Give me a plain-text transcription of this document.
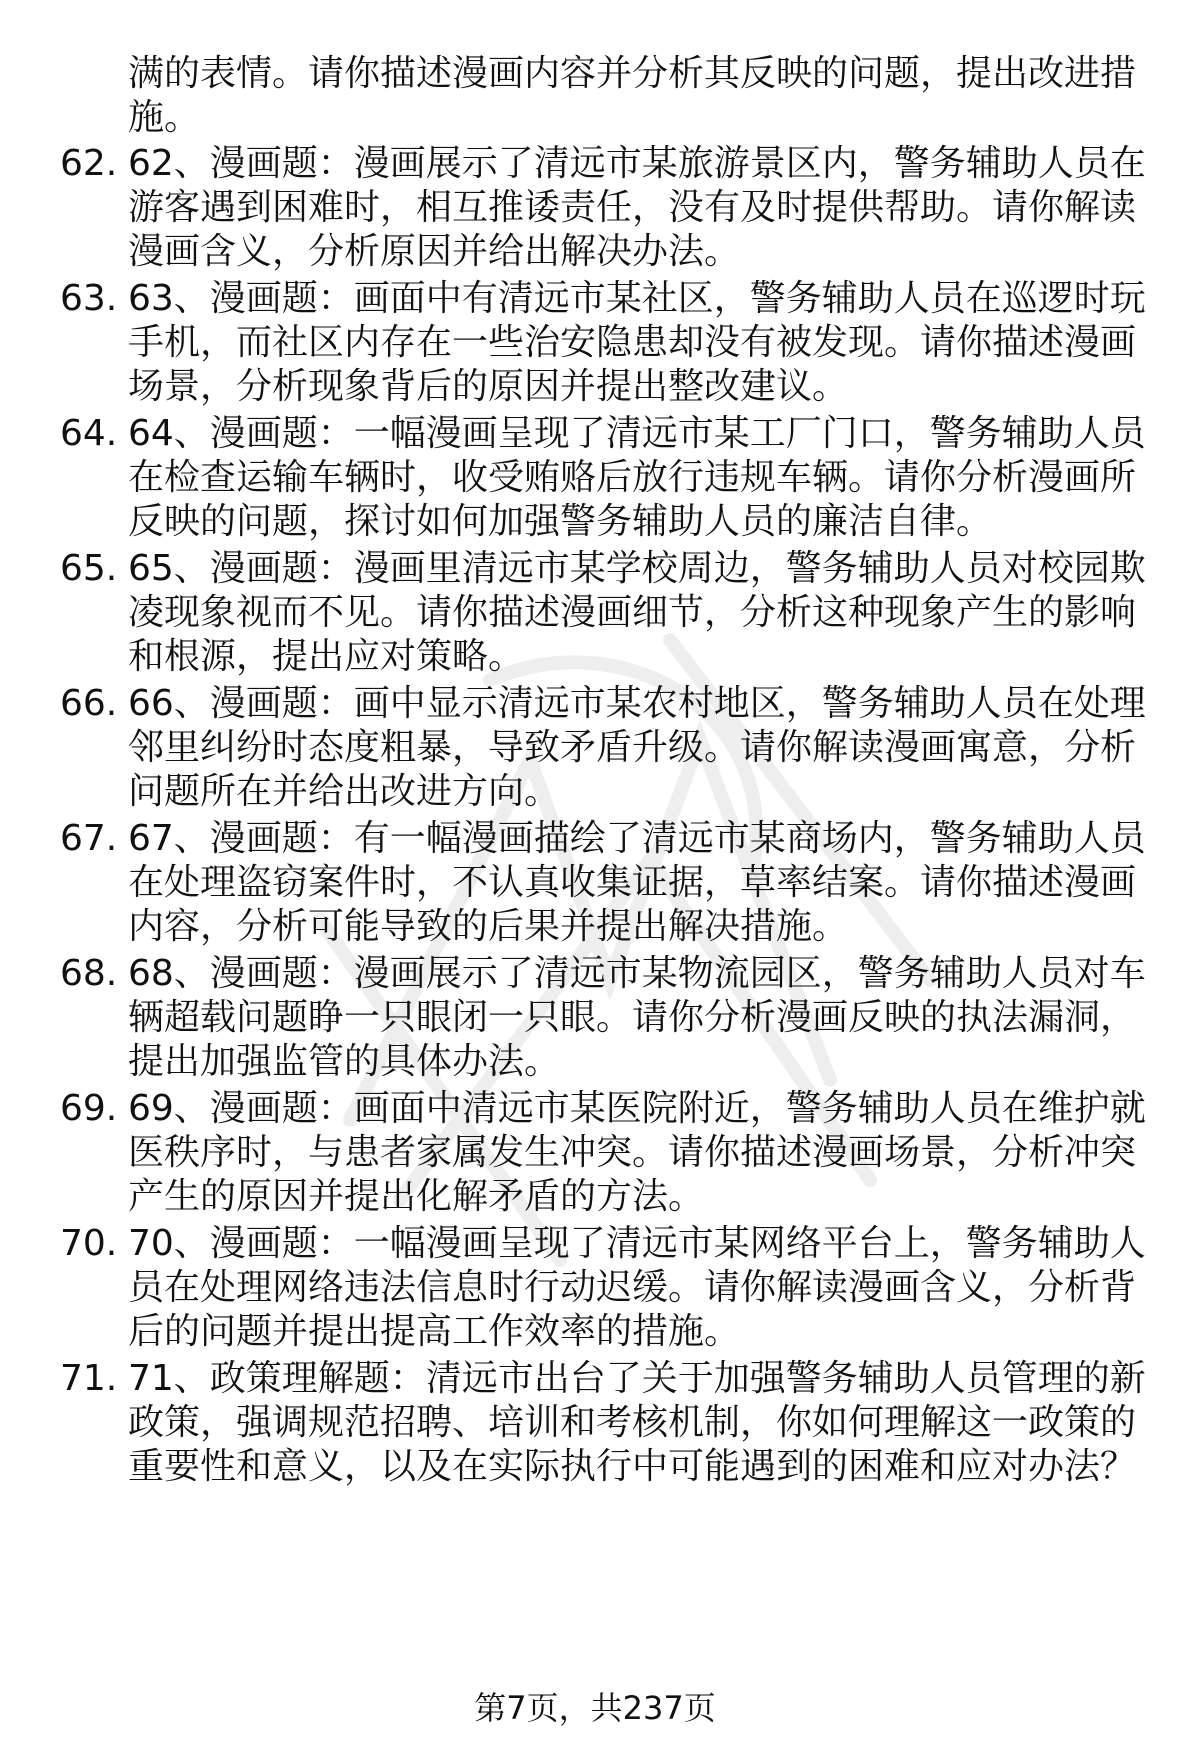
满的表情。请你描述漫画内容并分析其反映的问题，提出改进措施。

62. 62、漫画题：漫画展示了清远市某旅游景区内，警务辅助人员在游客遇到困难时，相互推诿责任，没有及时提供帮助。请你解读漫画含义，分析原因并给出解决办法。
63. 63、漫画题：画面中有清远市某社区，警务辅助人员在巡逻时玩手机，而社区内存在一些治安隐患却没有被发现。请你描述漫画场景，分析现象背后的原因并提出整改建议。
64. 64、漫画题：一幅漫画呈现了清远市某工厂门口，警务辅助人员在检查运输车辆时，收受贿赂后放行违规车辆。请你分析漫画所反映的问题，探讨如何加强警务辅助人员的廉洁自律。
65. 65、漫画题：漫画里清远市某学校周边，警务辅助人员对校园欺凌现象视而不见。请你描述漫画细节，分析这种现象产生的影响和根源，提出应对策略。
66. 66、漫画题：画中显示清远市某农村地区，警务辅助人员在处理邻里纠纷时态度粗暴，导致矛盾升级。请你解读漫画寓意，分析问题所在并给出改进方向。
67. 67、漫画题：有一幅漫画描绘了清远市某商场内，警务辅助人员在处理盗窃案件时，不认真收集证据，草率结案。请你描述漫画内容，分析可能导致的后果并提出解决措施。
68. 68、漫画题：漫画展示了清远市某物流园区，警务辅助人员对车辆超载问题睁一只眼闭一只眼。请你分析漫画反映的执法漏洞，提出加强监管的具体办法。
69. 69、漫画题：画面中清远市某医院附近，警务辅助人员在维护就医秩序时，与患者家属发生冲突。请你描述漫画场景，分析冲突产生的原因并提出化解矛盾的方法。
70. 70、漫画题：一幅漫画呈现了清远市某网络平台上，警务辅助人员在处理网络违法信息时行动迟缓。请你解读漫画含义，分析背后的问题并提出提高工作效率的措施。
71. 71、政策理解题：清远市出台了关于加强警务辅助人员管理的新政策，强调规范招聘、培训和考核机制，你如何理解这一政策的重要性和意义，以及在实际执行中可能遇到的困难和应对办法？
第7页，共237页
